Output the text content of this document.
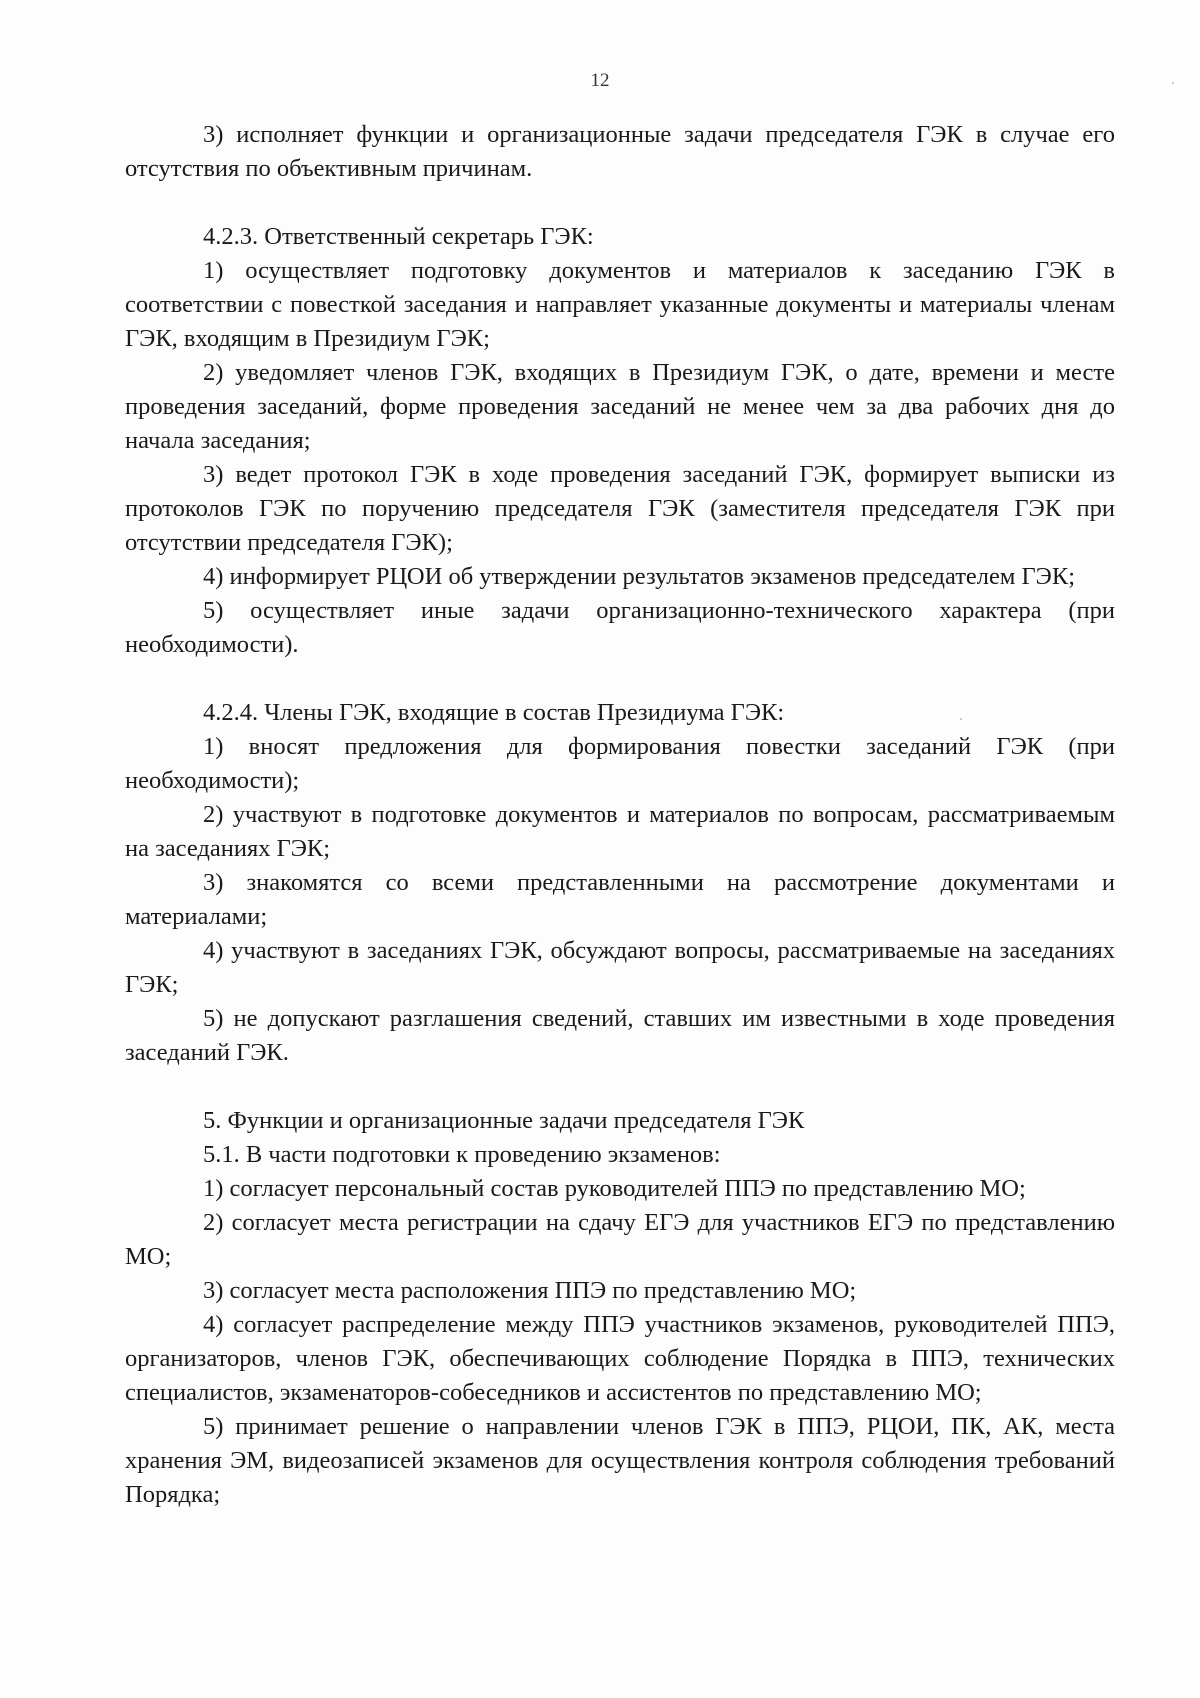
12

3) исполняет функции и организационные задачи председателя ГЭК в случае его отсутствия по объективным причинам.

4.2.3. Ответственный секретарь ГЭК:

1) осуществляет подготовку документов и материалов к заседанию ГЭК в соответствии с повесткой заседания и направляет указанные документы и материалы членам ГЭК, входящим в Президиум ГЭК;

2) уведомляет членов ГЭК, входящих в Президиум ГЭК, о дате, времени и месте проведения заседаний, форме проведения заседаний не менее чем за два рабочих дня до начала заседания;

3) ведет протокол ГЭК в ходе проведения заседаний ГЭК, формирует выписки из протоколов ГЭК по поручению председателя ГЭК (заместителя председателя ГЭК при отсутствии председателя ГЭК);

4) информирует РЦОИ об утверждении результатов экзаменов председателем ГЭК;

5) осуществляет иные задачи организационно-технического характера (при необходимости).

4.2.4. Члены ГЭК, входящие в состав Президиума ГЭК:

1) вносят предложения для формирования повестки заседаний ГЭК (при необходимости);

2) участвуют в подготовке документов и материалов по вопросам, рассматриваемым на заседаниях ГЭК;

3) знакомятся со всеми представленными на рассмотрение документами и материалами;

4) участвуют в заседаниях ГЭК, обсуждают вопросы, рассматриваемые на заседаниях ГЭК;

5) не допускают разглашения сведений, ставших им известными в ходе проведения заседаний ГЭК.

5. Функции и организационные задачи председателя ГЭК

5.1. В части подготовки к проведению экзаменов:

1) согласует персональный состав руководителей ППЭ по представлению МО;

2) согласует места регистрации на сдачу ЕГЭ для участников ЕГЭ по представлению МО;

3) согласует места расположения ППЭ по представлению МО;

4) согласует распределение между ППЭ участников экзаменов, руководителей ППЭ, организаторов, членов ГЭК, обеспечивающих соблюдение Порядка в ППЭ, технических специалистов, экзаменаторов-собеседников и ассистентов по представлению МО;

5) принимает решение о направлении членов ГЭК в ППЭ, РЦОИ, ПК, АК, места хранения ЭМ, видеозаписей экзаменов для осуществления контроля соблюдения требований Порядка;
